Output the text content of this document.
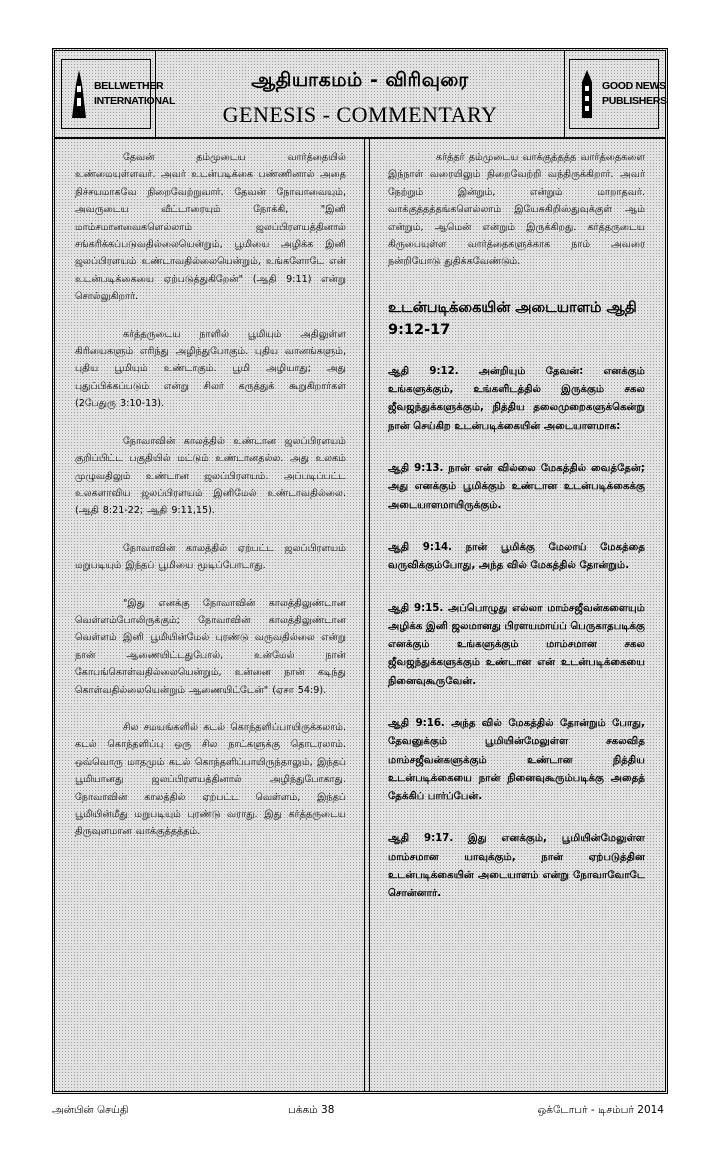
BELLWETHER
INTERNATIONAL
ஆதியாகமம் - விரிவுரை
GENESIS - COMMENTARY
GOOD NEWS
PUBLISHERS

தேவன் தம்முடைய வார்த்தையில் உண்மையுள்ளவர். அவர் உடன்படிக்கை பண்ணினால் அதை நிச்சயமாகவே நிறைவேற்றுவார். தேவன் நோவாவையும், அவருடைய வீட்டாரையும் நோக்கி, "இனி மாம்சமானவைகளெல்லாம் ஜலப்பிரளயத்தினால் சங்கரிக்கப்படுவதில்லையென்றும், பூமியை அழிக்க இனி ஜலப்பிரளயம் உண்டாவதில்லையென்றும், உங்களோடே என் உடன்படிக்கையை ஏற்படுத்துகிறேன்" (ஆதி 9:11) என்று சொல்லுகிறார்.

கர்த்தருடைய நாளில் பூமியும் அதிலுள்ள கிரியைகளும் எரிந்து அழிந்துபோகும். புதிய வானங்களும், புதிய பூமியும் உண்டாகும். பூமி அழியாது; அது புதுப்பிக்கப்படும் என்று சிலர் கருத்துக் கூறுகிறார்கள் (2பேதுரு 3:10-13).

நோவாவின் காலத்தில் உண்டான ஜலப்பிரளயம் குறிப்பிட்ட பகுதியில் மட்டும் உண்டானதல்ல. அது உலகம் முழுவதிலும் உண்டான ஜலப்பிரளயம். அப்படிப்பட்ட உலகளாவிய ஜலப்பிரளயம் இனிமேல் உண்டாவதில்லை. (ஆதி 8:21-22; ஆதி 9:11,15).

நோவாவின் காலத்தில் ஏற்பட்ட ஜலப்பிரளயம் மறுபடியும் இந்தப் பூமியை மூடிப்போடாது.

"இது எனக்கு நோவாவின் காலத்திலுண்டான வெள்ளம்போலிருக்கும்; நோவாவின் காலத்திலுண்டான வெள்ளம் இனி பூமியின்மேல் புரண்டு வருவதில்லை என்று நான் ஆணையிட்டதுபோல், உன்மேல் நான் கோபங்கொள்வதில்லையென்றும், உன்னை நான் கடிந்து கொள்வதில்லையென்றும் ஆணையிட்டேன்" (ஏசா 54:9).

சில சமயங்களில் கடல் கொந்தளிப்பாயிருக்கலாம். கடல் கொந்தளிப்பு ஒரு சில நாட்களுக்கு தொடரலாம். ஒவ்வொரு மாதமும் கடல் கொந்தளிப்பாயிருந்தாலும், இந்தப் பூமியானது ஜலப்பிரளயத்தினால் அழிந்துபோகாது. நோவாவின் காலத்தில் ஏற்பட்ட வெள்ளம், இந்தப் பூமியின்மீது மறுபடியும் புரண்டு வராது. இது கர்த்தருடைய திருவுளமான வாக்குத்தத்தம்.

கர்த்தர் தம்முடைய வாக்குத்தத்த வார்த்தைகளை இந்நாள் வரையிலும் நிறைவேற்றி வந்திருக்கிறார். அவர் நேற்றும் இன்றும், என்றும் மாறாதவர். வாக்குத்தத்தங்களெல்லாம் இயேசுகிறிஸ்துவுக்குள் ஆம் என்றும், ஆமென் என்றும் இருக்கிறது. கர்த்தருடைய கிருபையுள்ள வார்த்தைகளுக்காக நாம் அவரை நன்றியோடு துதிக்கவேண்டும்.

உடன்படிக்கையின் அடையாளம் ஆதி 9:12-17

ஆதி 9:12. அன்றியும் தேவன்: எனக்கும் உங்களுக்கும், உங்களிடத்தில் இருக்கும் சகல ஜீவஜந்துக்களுக்கும், நித்திய தலைமுறைகளுக்கென்று நான் செய்கிற உடன்படிக்கையின் அடையாளமாக:

ஆதி 9:13. நான் என் வில்லை மேகத்தில் வைத்தேன்; அது எனக்கும் பூமிக்கும் உண்டான உடன்படிக்கைக்கு அடையாளமாயிருக்கும்.

ஆதி 9:14. நான் பூமிக்கு மேலாய் மேகத்தை வருவிக்கும்போது, அந்த வில் மேகத்தில் தோன்றும்.

ஆதி 9:15. அப்பொழுது எல்லா மாம்சஜீவன்களையும் அழிக்க இனி ஜலமானது பிரளயமாய்ப் பெருகாதபடிக்கு எனக்கும் உங்களுக்கும் மாம்சமான சகல ஜீவஜந்துக்களுக்கும் உண்டான என் உடன்படிக்கையை நினைவுகூருவேன்.

ஆதி 9:16. அந்த வில் மேகத்தில் தோன்றும் போது, தேவனுக்கும் பூமியின்மேலுள்ள சகலவித மாம்சஜீவன்களுக்கும் உண்டான நித்திய உடன்படிக்கையை நான் நினைவுகூரும்படிக்கு அதைத் தேக்கிப் பார்ப்பேன்.

ஆதி 9:17. இது எனக்கும், பூமியின்மேலுள்ள மாம்சமான யாவுக்கும், நான் ஏற்படுத்தின உடன்படிக்கையின் அடையாளம் என்று நோவாவோடே சொன்னார்.

அன்பின் செய்தி	பக்கம் 38	ஒக்டோபர் - டிசம்பர் 2014
